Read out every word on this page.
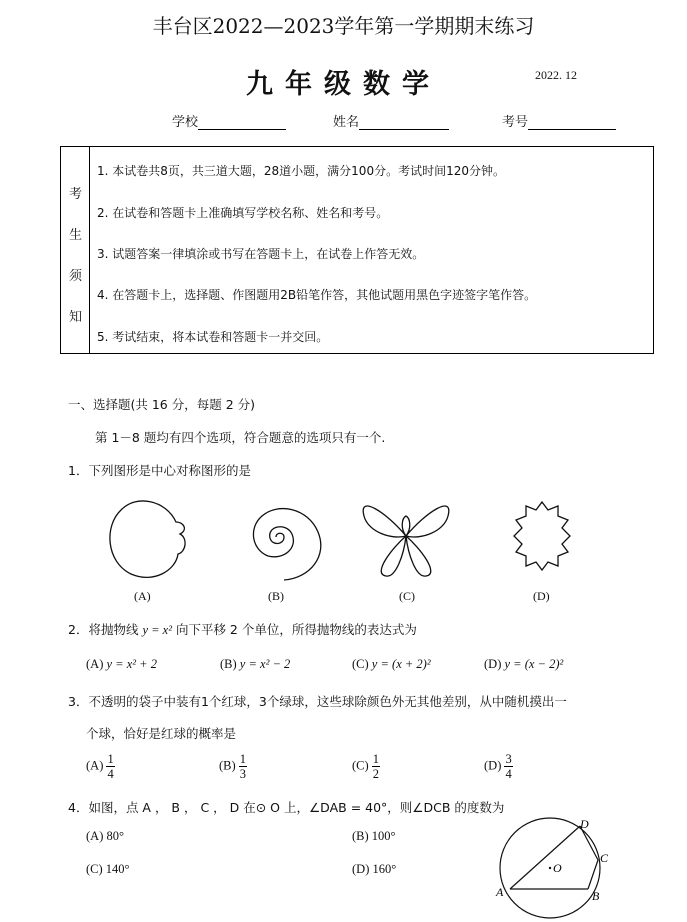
丰台区2022—2023学年第一学期期末练习
九年级数学	2022. 12
学校	姓名	考号
考
生
须
知
1. 本试卷共8页，共三道大题，28道小题，满分100分。考试时间120分钟。
2. 在试卷和答题卡上准确填写学校名称、姓名和考号。
3. 试题答案一律填涂或书写在答题卡上，在试卷上作答无效。
4. 在答题卡上，选择题、作图题用2B铅笔作答，其他试题用黑色字迹签字笔作答。
5. 考试结束，将本试卷和答题卡一并交回。
一、选择题(共 16 分，每题 2 分)
第 1－8 题均有四个选项，符合题意的选项只有一个.
1．下列图形是中心对称图形的是
(A)	(B)	(C)	(D)
2．将抛物线 y = x² 向下平移 2 个单位，所得抛物线的表达式为
(A) y = x² + 2	(B) y = x² − 2	(C) y = (x + 2)²	(D) y = (x − 2)²
3．不透明的袋子中装有1个红球，3个绿球，这些球除颜色外无其他差别，从中随机摸出一
个球，恰好是红球的概率是
$(A) \frac{1}{4}$	$(B) \frac{1}{3}$	$(C) \frac{1}{2}$	$(D) \frac{3}{4}$
4．如图，点 A ， B ， C ， D 在⊙ O 上，∠DAB = 40°，则∠DCB 的度数为
(A) 80°	(B) 100°
(C) 140°	(D) 160°
A	B
C
D
O
